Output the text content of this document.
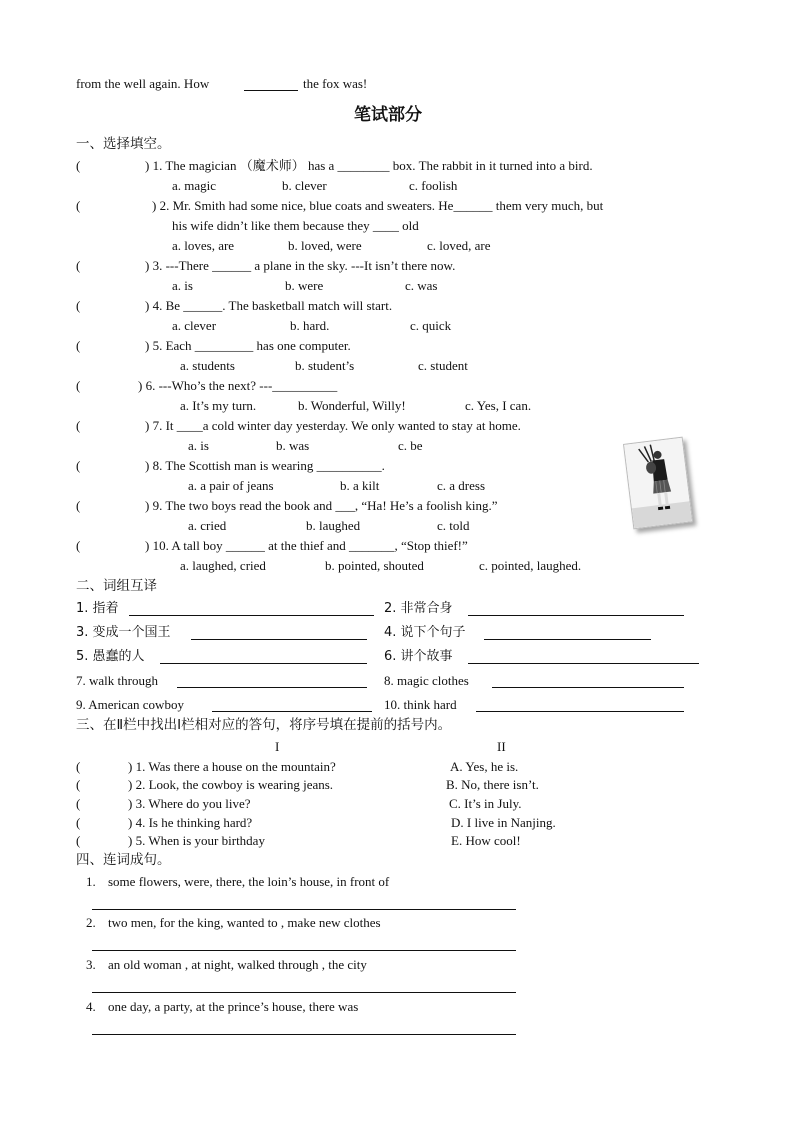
from the well again. How	the fox was!
笔试部分
一、选择填空。
(	) 1. The magician （魔术师） has a ________ box. The rabbit in it turned into a bird.
a. magic	b. clever	c. foolish
(	) 2. Mr. Smith had some nice, blue coats and sweaters. He______ them very much, but
his wife didn’t like them because they ____ old
a. loves, are	b. loved, were	c. loved, are
(	) 3. ---There ______ a plane in the sky. ---It isn’t there now.
a. is	b. were	c. was
(	) 4. Be ______. The basketball match will start.
a. clever	b. hard.	c. quick
(	) 5. Each _________ has one computer.
a. students	b. student’s	c. student
(	) 6. ---Who’s the next? ---__________
a. It’s my turn.	b. Wonderful, Willy!	c. Yes, I can.
(	) 7. It ____a cold winter day yesterday. We only wanted to stay at home.
a. is	b. was	c. be
(	) 8. The Scottish man is wearing __________.
a. a pair of jeans	b. a kilt	c. a dress
(	) 9. The two boys read the book and ___, “Ha! He’s a foolish king.”
a. cried	b. laughed	c. told
(	) 10. A tall boy ______ at the thief and _______, “Stop thief!”
a. laughed, cried	b. pointed, shouted	c. pointed, laughed.
二、词组互译
1. 指着	2. 非常合身
3. 变成一个国王	4. 说下个句子
5. 愚蠢的人	6. 讲个故事
7. walk through	8. magic clothes
9. American cowboy	10. think hard
三、在Ⅱ栏中找出Ⅰ栏相对应的答句，将序号填在提前的括号内。
I	II
(	) 1. Was there a house on the mountain?	A. Yes, he is.
(	) 2. Look, the cowboy is wearing jeans.	B. No, there isn’t.
(	) 3. Where do you live?	C. It’s in July.
(	) 4. Is he thinking hard?	D. I live in Nanjing.
(	) 5. When is your birthday	E. How cool!
四、连词成句。
1. some flowers, were, there, the loin’s house, in front of
2. two men, for the king, wanted to , make new clothes
3. an old woman , at night, walked through , the city
4. one day, a party, at the prince’s house, there was
